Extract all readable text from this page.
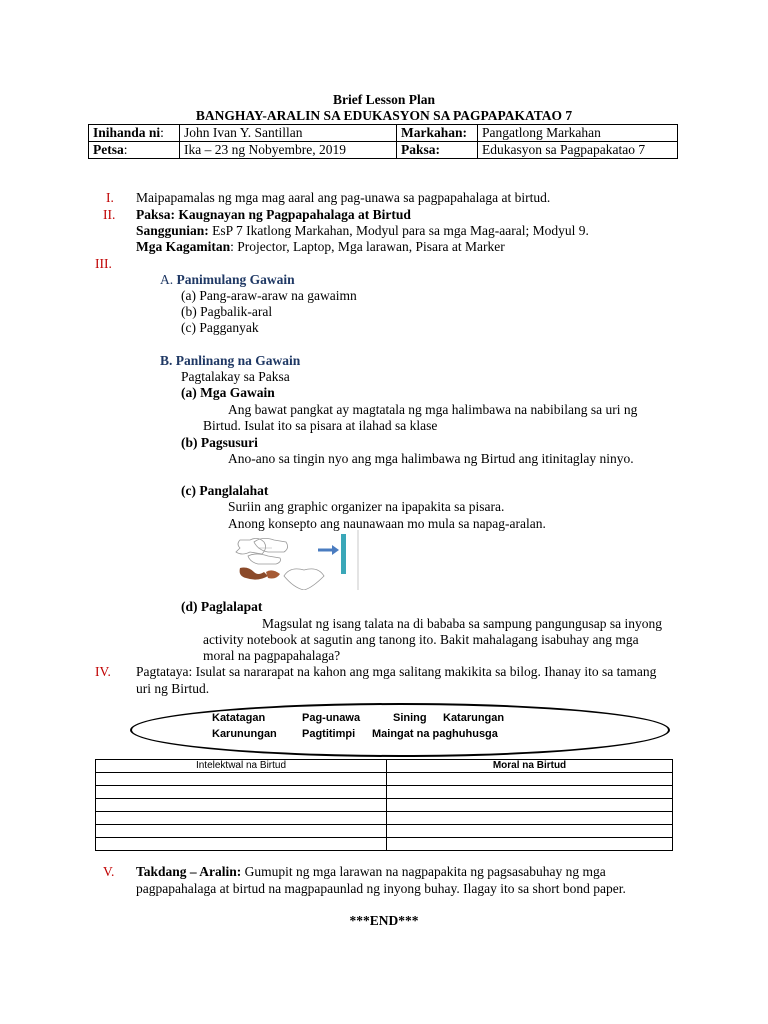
Brief Lesson Plan
BANGHAY-ARALIN SA EDUKASYON SA PAGPAPAKATAO 7
Inihanda ni:	John Ivan Y. Santillan	Markahan:	Pangatlong Markahan
Petsa:	Ika – 23 ng Nobyembre, 2019	Paksa:	Edukasyon sa Pagpapakatao 7
I. Maipapamalas ng mga mag aaral ang pag-unawa sa pagpapahalaga at birtud.
II. Paksa: Kaugnayan ng Pagpapahalaga at Birtud
Sanggunian: EsP 7 Ikatlong Markahan, Modyul para sa mga Mag-aaral; Modyul 9.
Mga Kagamitan: Projector, Laptop, Mga larawan, Pisara at Marker
III.
A. Panimulang Gawain
(a) Pang-araw-araw na gawaimn
(b) Pagbalik-aral
(c) Pagganyak
B. Panlinang na Gawain
Pagtalakay sa Paksa
(a) Mga Gawain
Ang bawat pangkat ay magtatala ng mga halimbawa na nabibilang sa uri ng
Birtud. Isulat ito sa pisara at ilahad sa klase
(b) Pagsusuri
Ano-ano sa tingin nyo ang mga halimbawa ng Birtud ang itinitaglay ninyo.
(c) Panglalahat
Suriin ang graphic organizer na ipapakita sa pisara.
Anong konsepto ang naunawaan mo mula sa napag-aralan.
(d) Paglalapat
Magsulat ng isang talata na di bababa sa sampung pangungusap sa inyong
activity notebook at sagutin ang tanong ito. Bakit mahalagang isabuhay ang mga
moral na pagpapahalaga?
IV. Pagtataya: Isulat sa nararapat na kahon ang mga salitang makikita sa bilog. Ihanay ito sa tamang
uri ng Birtud.
Katatagan	Pag-unawa	Sining Katarungan
Karunungan Pagtitimpi Maingat na paghuhusga
Intelektwal na Birtud	Moral na Birtud

V. Takdang – Aralin: Gumupit ng mga larawan na nagpapakita ng pagsasabuhay ng mga
pagpapahalaga at birtud na magpapaunlad ng inyong buhay. Ilagay ito sa short bond paper.
***END***
